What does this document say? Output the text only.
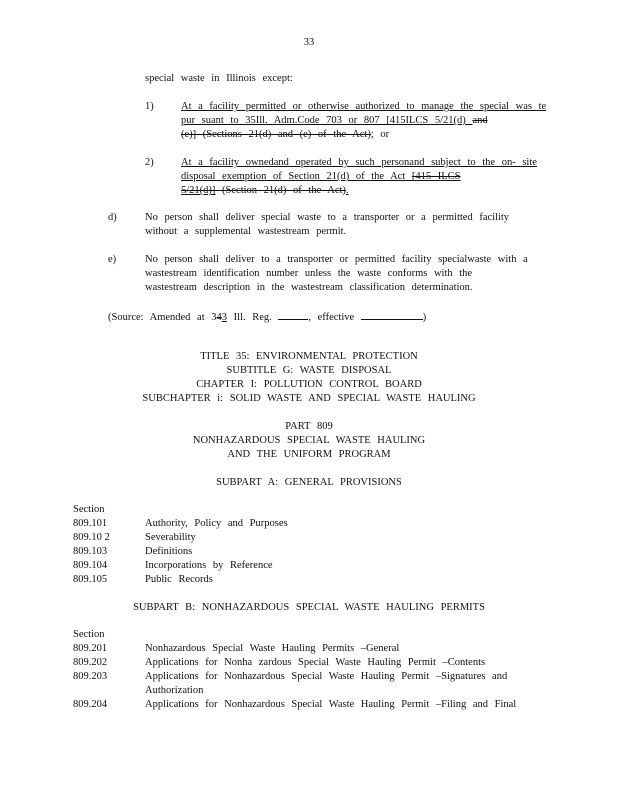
33
special waste in Illinois except:
1)	At a facility permitted or otherwise authorized to manage the special was te
pur suant to 35Ill. Adm.Code 703 or 807 [415ILCS 5/21(d) and
(e)] (Sections 21(d) and (e) of the Act); or
2)	At a facility ownedand operated by such personand subject to the on- site
disposal exemption of Section 21(d) of the Act [415 ILCS
5/21(d)] (Section 21(d) of the Act).
d)	No person shall deliver special waste to a transporter or a permitted facility
without a supplemental wastestream permit.
e)	No person shall deliver to a transporter or permitted facility specialwaste with a
wastestream identification number unless the waste conforms with the
wastestream description in the wastestream classification determination.
(Source: Amended at 343 Ill. Reg.	, effective	)
TITLE 35: ENVIRONMENTAL PROTECTION
SUBTITLE G: WASTE DISPOSAL
CHAPTER I: POLLUTION CONTROL BOARD
SUBCHAPTER i: SOLID WASTE AND SPECIAL WASTE HAULING
PART 809
NONHAZARDOUS SPECIAL WASTE HAULING
AND THE UNIFORM PROGRAM
SUBPART A: GENERAL PROVISIONS
Section
809.101	Authority, Policy and Purposes
809.10 2	Severability
809.103	Definitions
809.104	Incorporations by Reference
809.105	Public Records
SUBPART B: NONHAZARDOUS SPECIAL WASTE HAULING PERMITS
Section
809.201	Nonhazardous Special Waste Hauling Permits –General
809.202	Applications for Nonha zardous Special Waste Hauling Permit –Contents
809.203	Applications for Nonhazardous Special Waste Hauling Permit –Signatures and
Authorization
809.204	Applications for Nonhazardous Special Waste Hauling Permit –Filing and Final
